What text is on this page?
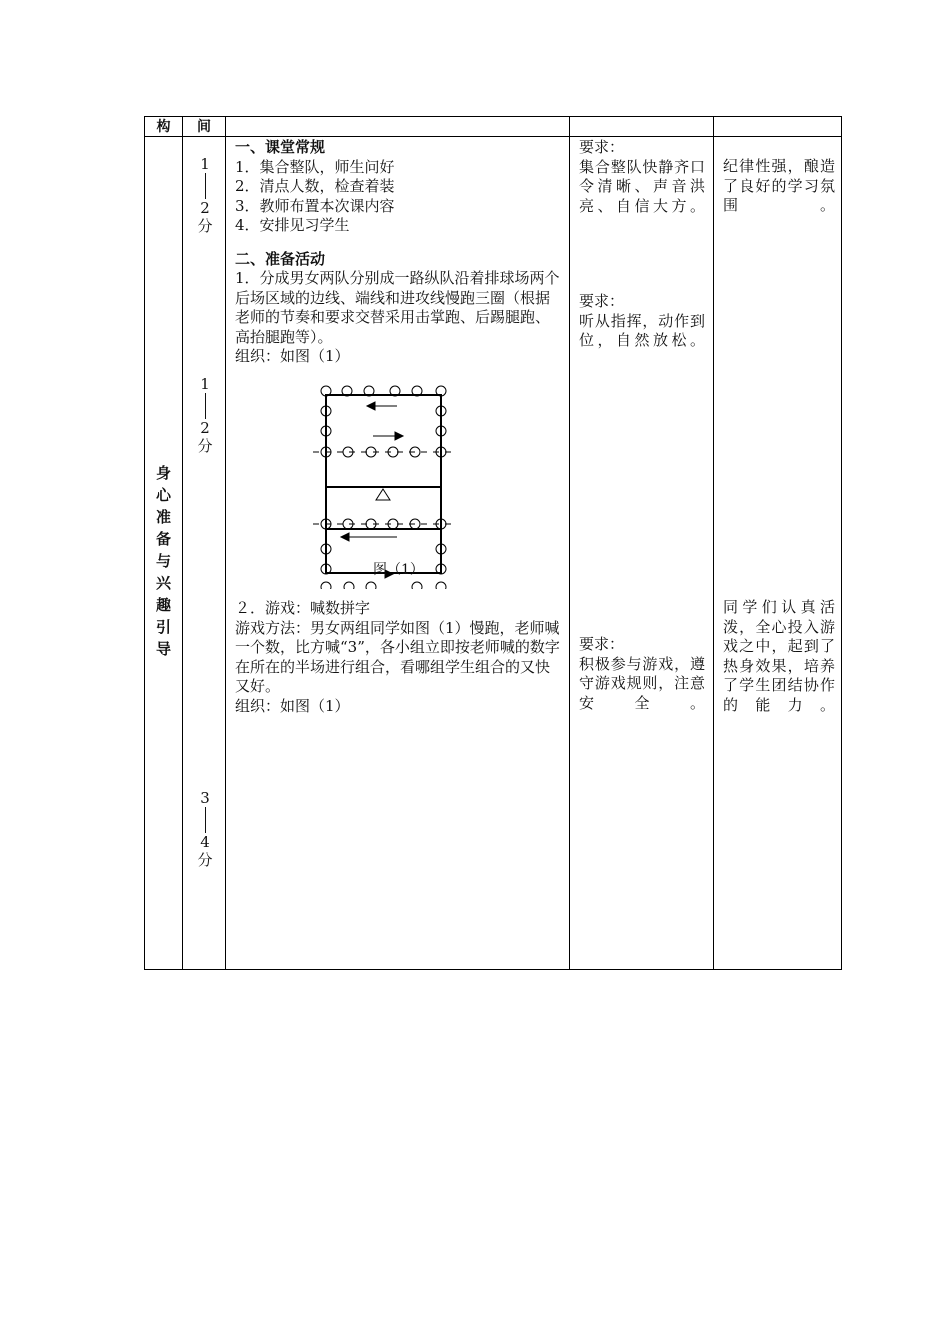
构	间
身
心
准
备
与
兴
趣
引
导
1
2
分
1
2
分
3
4
分

一、课堂常规

1．集合整队，师生问好

2．清点人数，检查着装

3．教师布置本次课内容

4．安排见习学生

二、准备活动

1．分成男女两队分别成一路纵队沿着排球场两个后场区域的边线、端线和进攻线慢跑三圈（根据老师的节奏和要求交替采用击掌跑、后踢腿跑、高抬腿跑等）。

组织：如图（1）

图（1）

２．游戏：喊数拼字

游戏方法：男女两组同学如图（1）慢跑，老师喊一个数，比方喊“3”，各小组立即按老师喊的数字在所在的半场进行组合，看哪组学生组合的又快又好。

组织：如图（1）

要求：

集合整队快静齐口令清晰、声音洪亮、自信大方。

要求：

听从指挥，动作到位，自然放松。

要求：

积极参与游戏，遵守游戏规则，注意安全。

纪律性强，酿造了良好的学习氛围。

同学们认真活泼，全心投入游戏之中，起到了热身效果，培养了学生团结协作的能力。
